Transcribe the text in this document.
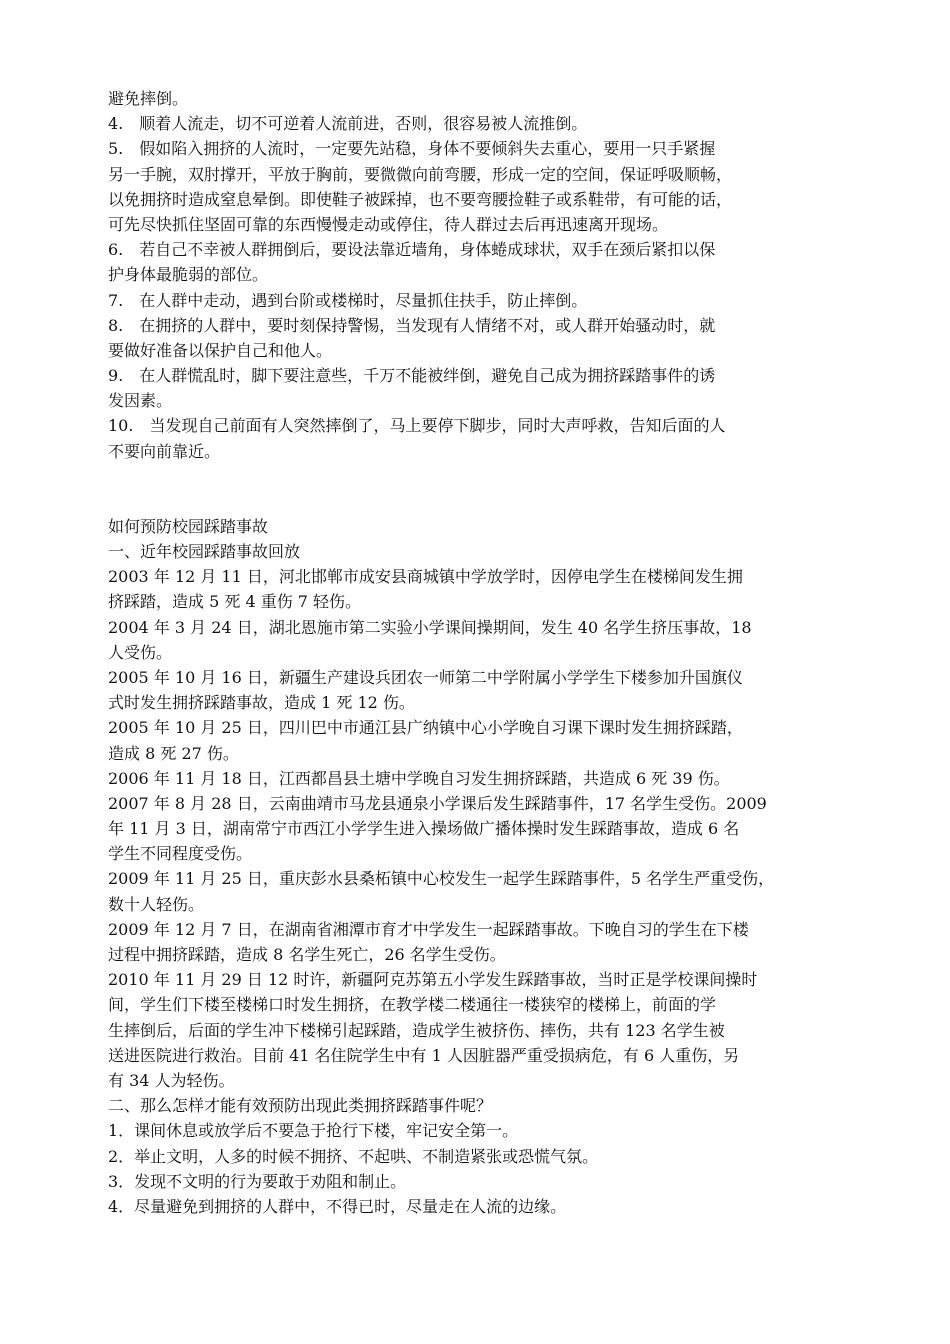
避免摔倒。
4.　顺着人流走，切不可逆着人流前进，否则，很容易被人流推倒。
5.　假如陷入拥挤的人流时，一定要先站稳，身体不要倾斜失去重心，要用一只手紧握
另一手腕，双肘撑开，平放于胸前，要微微向前弯腰，形成一定的空间，保证呼吸顺畅，
以免拥挤时造成窒息晕倒。即使鞋子被踩掉，也不要弯腰捡鞋子或系鞋带，有可能的话，
可先尽快抓住坚固可靠的东西慢慢走动或停住，待人群过去后再迅速离开现场。
6.　若自己不幸被人群拥倒后，要设法靠近墙角，身体蜷成球状，双手在颈后紧扣以保
护身体最脆弱的部位。
7.　在人群中走动，遇到台阶或楼梯时，尽量抓住扶手，防止摔倒。
8.　在拥挤的人群中，要时刻保持警惕，当发现有人情绪不对，或人群开始骚动时，就
要做好准备以保护自己和他人。
9.　在人群慌乱时，脚下要注意些，千万不能被绊倒，避免自己成为拥挤踩踏事件的诱
发因素。
10.　当发现自己前面有人突然摔倒了，马上要停下脚步，同时大声呼救，告知后面的人
不要向前靠近。
如何预防校园踩踏事故
一、近年校园踩踏事故回放
2003 年 12 月 11 日，河北邯郸市成安县商城镇中学放学时，因停电学生在楼梯间发生拥
挤踩踏，造成 5 死 4 重伤 7 轻伤。
2004 年 3 月 24 日，湖北恩施市第二实验小学课间操期间，发生 40 名学生挤压事故，18
人受伤。
2005 年 10 月 16 日，新疆生产建设兵团农一师第二中学附属小学学生下楼参加升国旗仪
式时发生拥挤踩踏事故，造成 1 死 12 伤。
2005 年 10 月 25 日，四川巴中市通江县广纳镇中心小学晚自习课下课时发生拥挤踩踏，
造成 8 死 27 伤。
2006 年 11 月 18 日，江西都昌县土塘中学晚自习发生拥挤踩踏，共造成 6 死 39 伤。
2007 年 8 月 28 日，云南曲靖市马龙县通泉小学课后发生踩踏事件，17 名学生受伤。2009
年 11 月 3 日，湖南常宁市西江小学学生进入操场做广播体操时发生踩踏事故，造成 6 名
学生不同程度受伤。
2009 年 11 月 25 日，重庆彭水县桑柘镇中心校发生一起学生踩踏事件，5 名学生严重受伤，
数十人轻伤。
2009 年 12 月 7 日，在湖南省湘潭市育才中学发生一起踩踏事故。下晚自习的学生在下楼
过程中拥挤踩踏，造成 8 名学生死亡，26 名学生受伤。
2010 年 11 月 29 日 12 时许，新疆阿克苏第五小学发生踩踏事故，当时正是学校课间操时
间，学生们下楼至楼梯口时发生拥挤，在教学楼二楼通往一楼狭窄的楼梯上，前面的学
生摔倒后，后面的学生冲下楼梯引起踩踏，造成学生被挤伤、摔伤，共有 123 名学生被
送进医院进行救治。目前 41 名住院学生中有 1 人因脏器严重受损病危，有 6 人重伤，另
有 34 人为轻伤。
二、那么怎样才能有效预防出现此类拥挤踩踏事件呢？
1．课间休息或放学后不要急于抢行下楼，牢记安全第一。
2．举止文明，人多的时候不拥挤、不起哄、不制造紧张或恐慌气氛。
3．发现不文明的行为要敢于劝阻和制止。
4．尽量避免到拥挤的人群中，不得已时，尽量走在人流的边缘。
